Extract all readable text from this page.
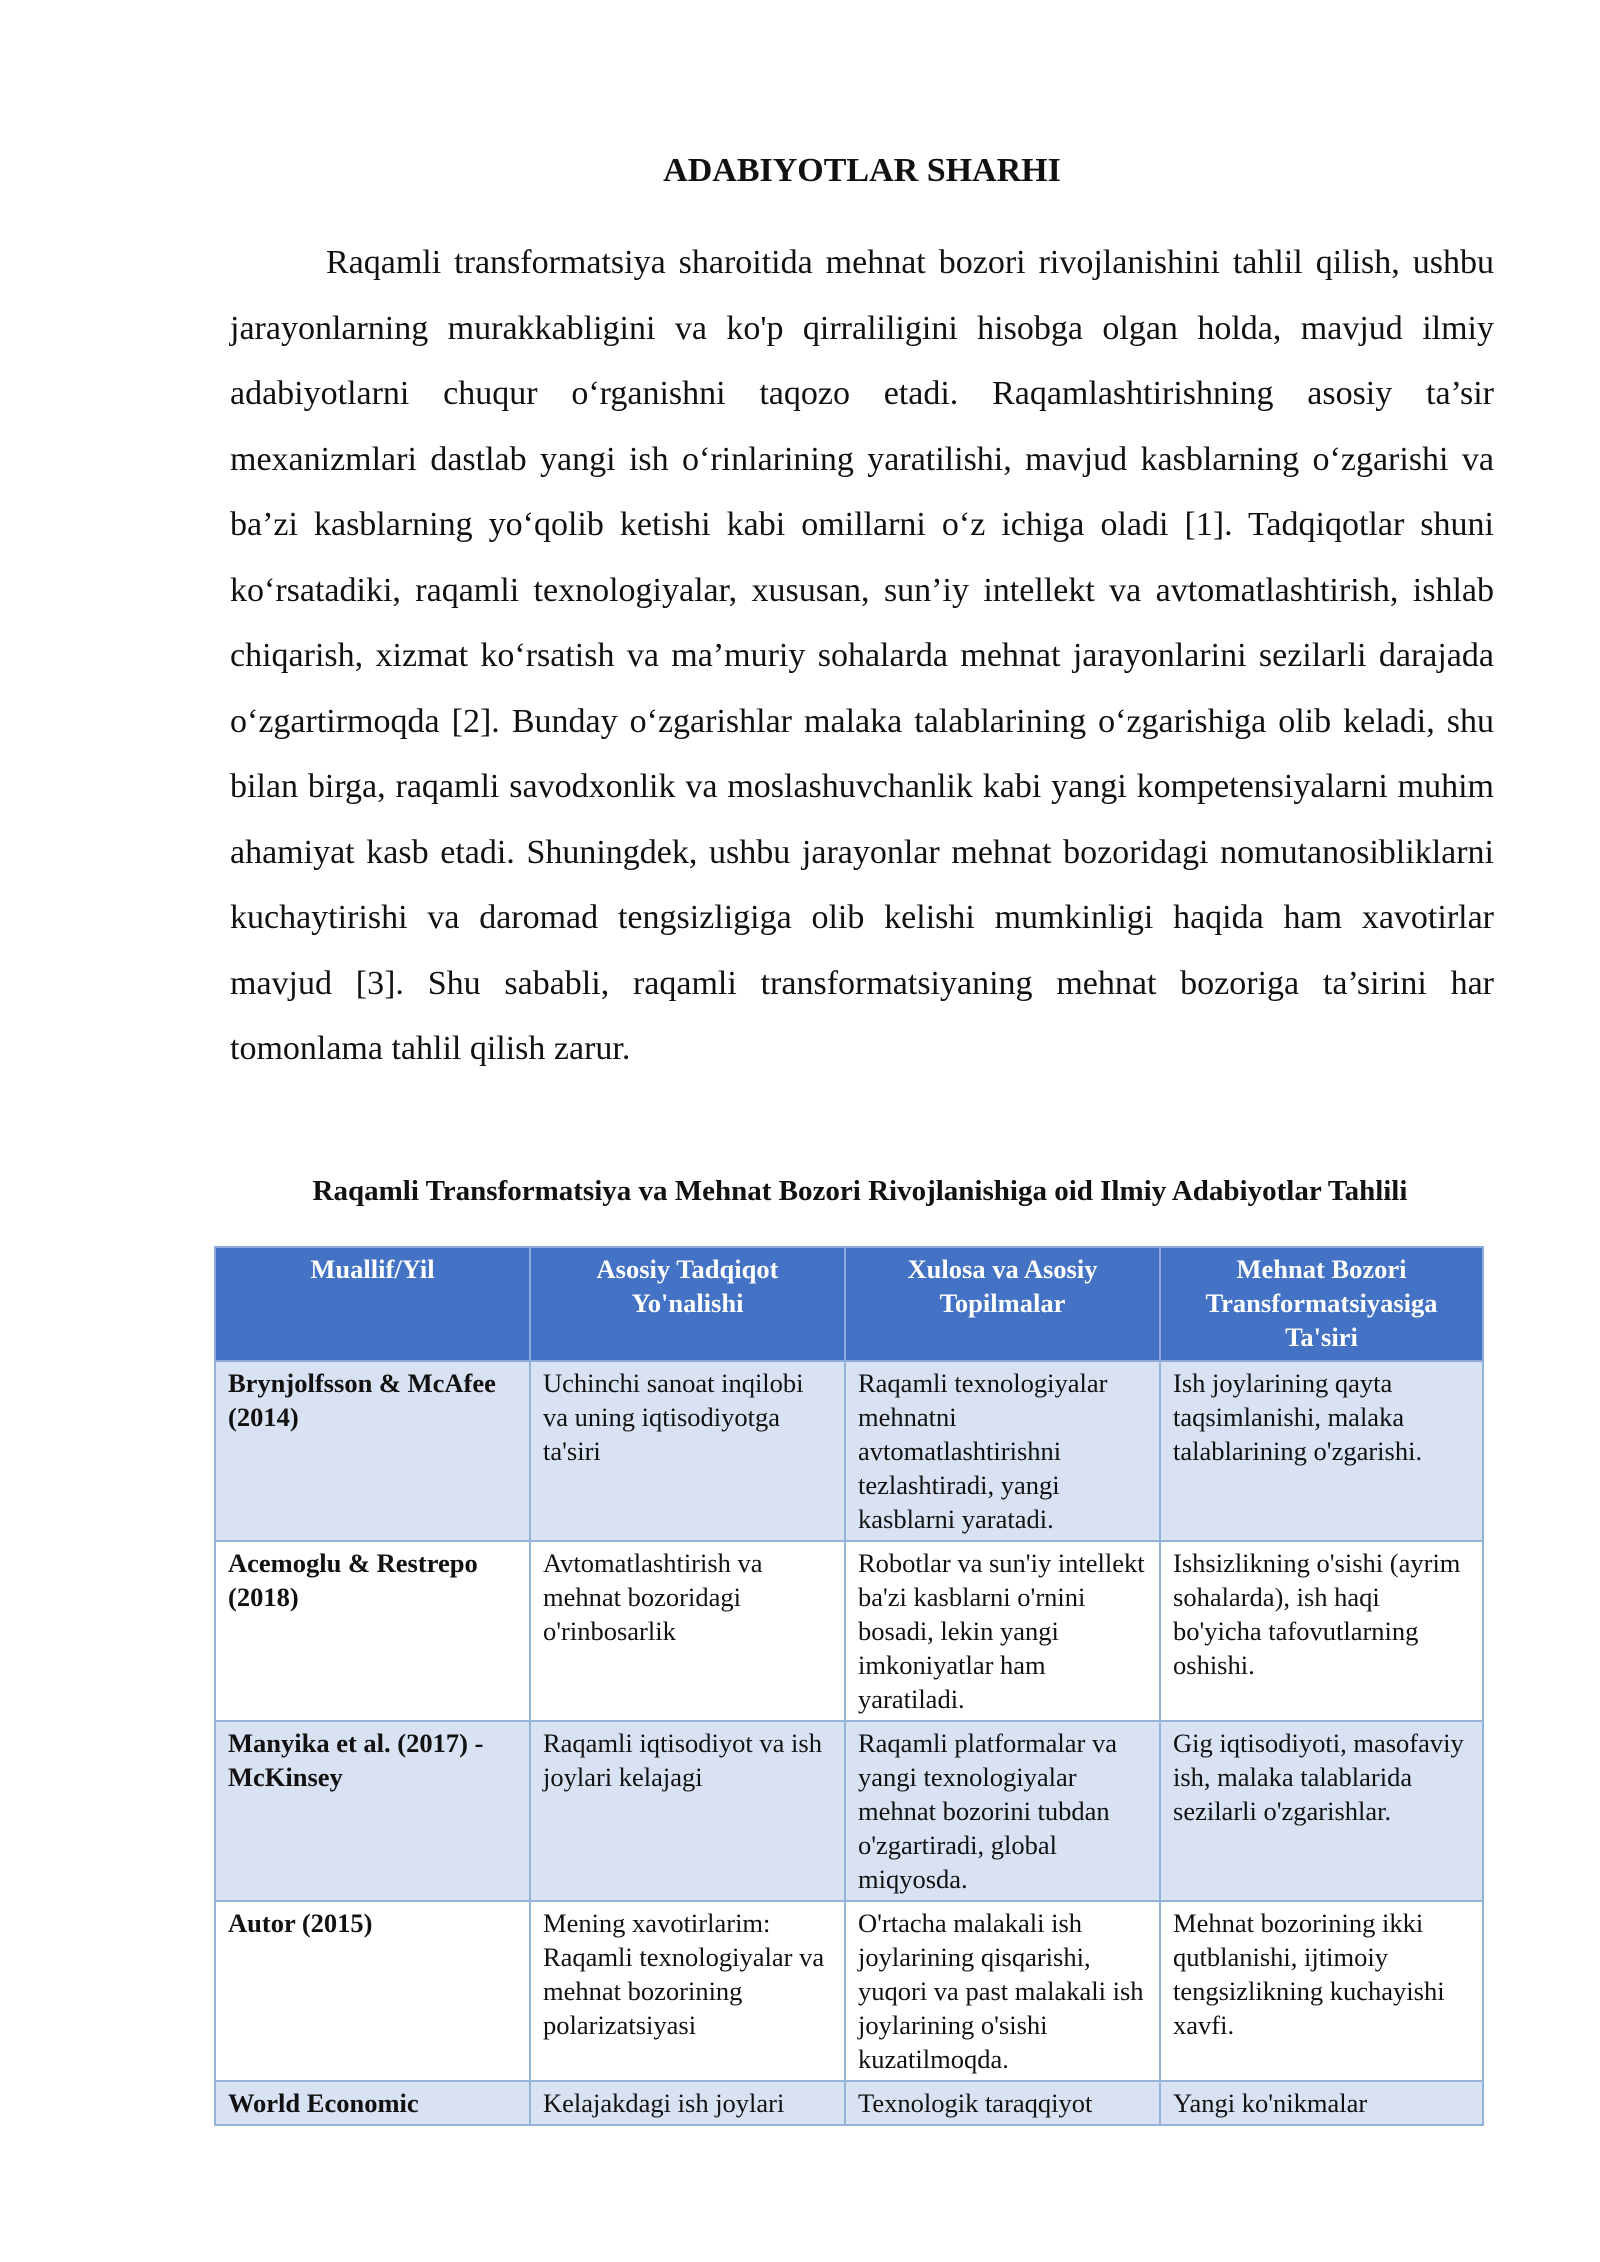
ADABIYOTLAR SHARHI

Raqamli transformatsiya sharoitida mehnat bozori rivojlanishini tahlil qilish, ushbu jarayonlarning murakkabligini va ko'p qirraliligini hisobga olgan holda, mavjud ilmiy adabiyotlarni chuqur o‘rganishni taqozo etadi. Raqamlashtirishning asosiy ta’sir mexanizmlari dastlab yangi ish o‘rinlarining yaratilishi, mavjud kasblarning o‘zgarishi va ba’zi kasblarning yo‘qolib ketishi kabi omillarni o‘z ichiga oladi [1]. Tadqiqotlar shuni ko‘rsatadiki, raqamli texnologiyalar, xususan, sun’iy intellekt va avtomatlashtirish, ishlab chiqarish, xizmat ko‘rsatish va ma’muriy sohalarda mehnat jarayonlarini sezilarli darajada o‘zgartirmoqda [2]. Bunday o‘zgarishlar malaka talablarining o‘zgarishiga olib keladi, shu bilan birga, raqamli savodxonlik va moslashuvchanlik kabi yangi kompetensiyalarni muhim ahamiyat kasb etadi. Shuningdek, ushbu jarayonlar mehnat bozoridagi nomutanosibliklarni kuchaytirishi va daromad tengsizligiga olib kelishi mumkinligi haqida ham xavotirlar mavjud [3]. Shu sababli, raqamli transformatsiyaning mehnat bozoriga ta’sirini har tomonlama tahlil qilish zarur.

Raqamli Transformatsiya va Mehnat Bozori Rivojlanishiga oid Ilmiy Adabiyotlar Tahlili

Muallif/Yil	Asosiy Tadqiqot Yo'nalishi	Xulosa va Asosiy Topilmalar	Mehnat Bozori Transformatsiyasiga Ta'siri
Brynjolfsson & McAfee (2014)	Uchinchi sanoat inqilobi va uning iqtisodiyotga ta'siri	Raqamli texnologiyalar mehnatni avtomatlashtirishni tezlashtiradi, yangi kasblarni yaratadi.	Ish joylarining qayta taqsimlanishi, malaka talablarining o'zgarishi.
Acemoglu & Restrepo (2018)	Avtomatlashtirish va mehnat bozoridagi o'rinbosarlik	Robotlar va sun'iy intellekt ba'zi kasblarni o'rnini bosadi, lekin yangi imkoniyatlar ham yaratiladi.	Ishsizlikning o'sishi (ayrim sohalarda), ish haqi bo'yicha tafovutlarning oshishi.
Manyika et al. (2017) - McKinsey	Raqamli iqtisodiyot va ish joylari kelajagi	Raqamli platformalar va yangi texnologiyalar mehnat bozorini tubdan o'zgartiradi, global miqyosda.	Gig iqtisodiyoti, masofaviy ish, malaka talablarida sezilarli o'zgarishlar.
Autor (2015)	Mening xavotirlarim: Raqamli texnologiyalar va mehnat bozorining polarizatsiyasi	O'rtacha malakali ish joylarining qisqarishi, yuqori va past malakali ish joylarining o'sishi kuzatilmoqda.	Mehnat bozorining ikki qutblanishi, ijtimoiy tengsizlikning kuchayishi xavfi.
World Economic	Kelajakdagi ish joylari	Texnologik taraqqiyot	Yangi ko'nikmalar
